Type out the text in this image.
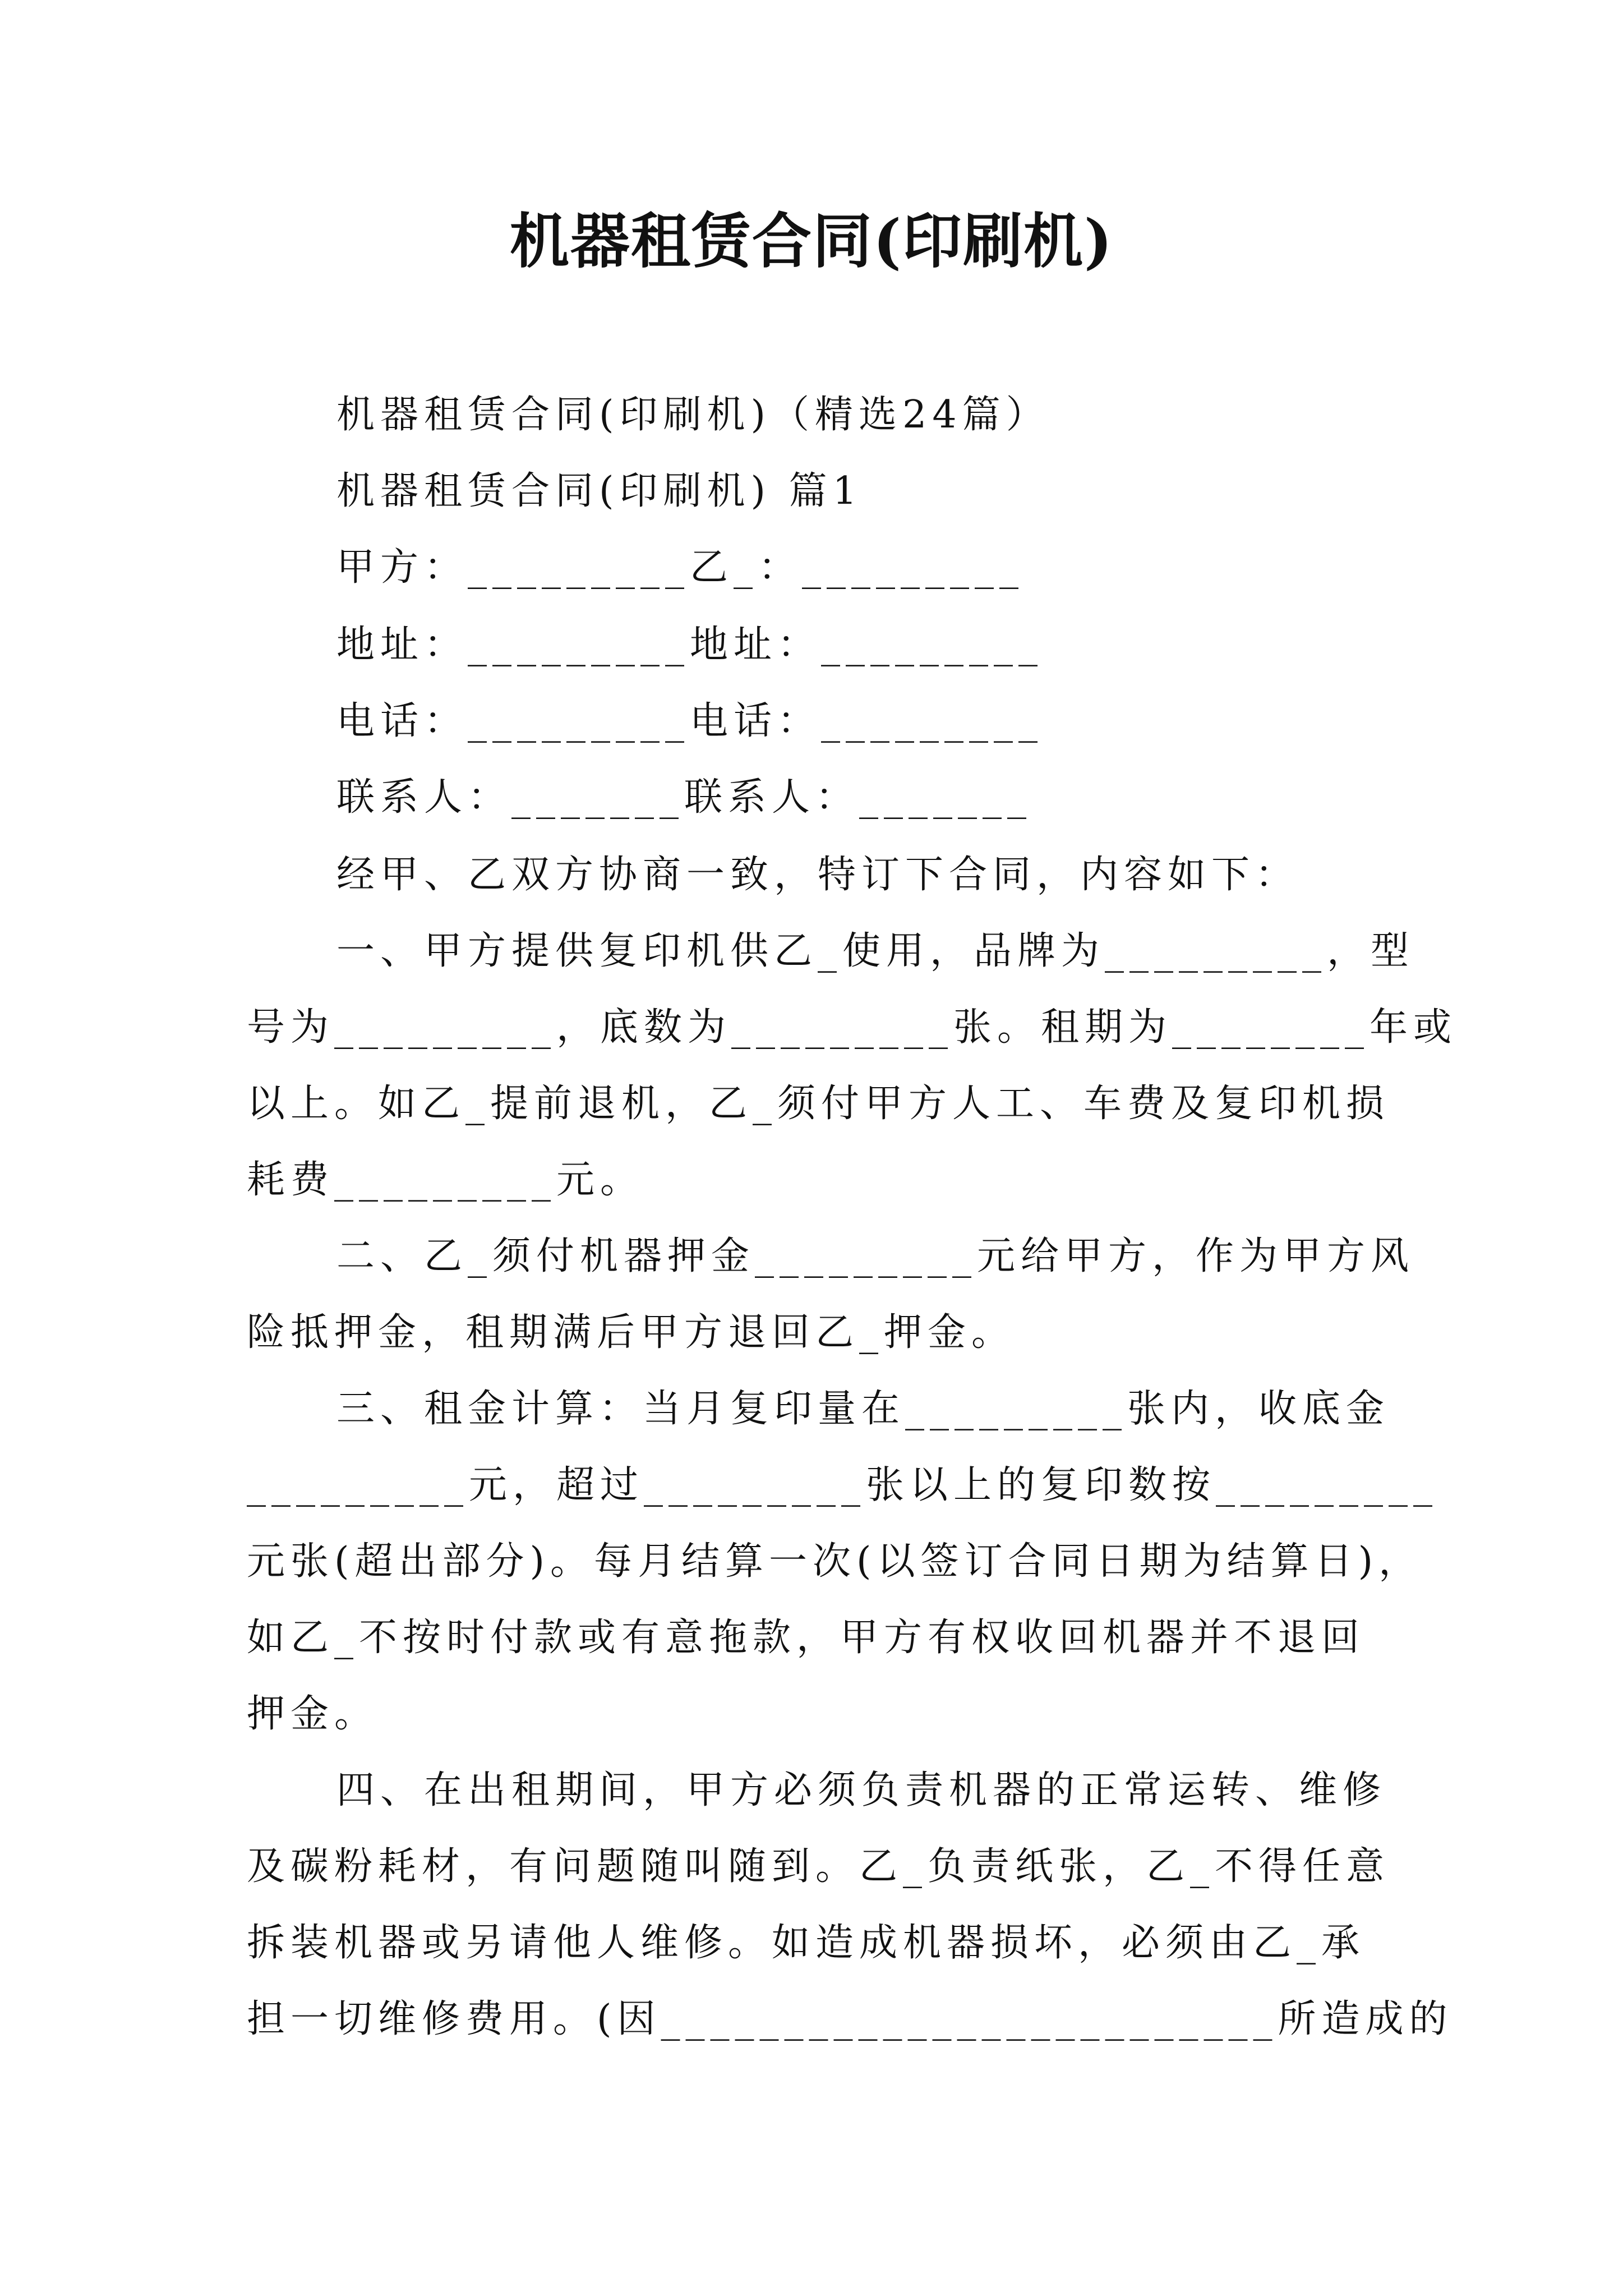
机器租赁合同(印刷机)

机器租赁合同(印刷机)（精选24篇）

机器租赁合同(印刷机) 篇1

甲方：_________乙_：_________

地址：_________地址：_________

电话：_________电话：_________

联系人：_______联系人：_______

经甲、乙双方协商一致，特订下合同，内容如下：

一、甲方提供复印机供乙_使用，品牌为_________，型

号为_________，底数为_________张。租期为________年或

以上。如乙_提前退机，乙_须付甲方人工、车费及复印机损

耗费_________元。

二、乙_须付机器押金_________元给甲方，作为甲方风

险抵押金，租期满后甲方退回乙_押金。

三、租金计算：当月复印量在_________张内，收底金

_________元，超过_________张以上的复印数按_________

元张(超出部分)。每月结算一次(以签订合同日期为结算日)，

如乙_不按时付款或有意拖款，甲方有权收回机器并不退回

押金。

四、在出租期间，甲方必须负责机器的正常运转、维修

及碳粉耗材，有问题随叫随到。乙_负责纸张，乙_不得任意

拆装机器或另请他人维修。如造成机器损坏，必须由乙_承

担一切维修费用。(因_________________________所造成的
